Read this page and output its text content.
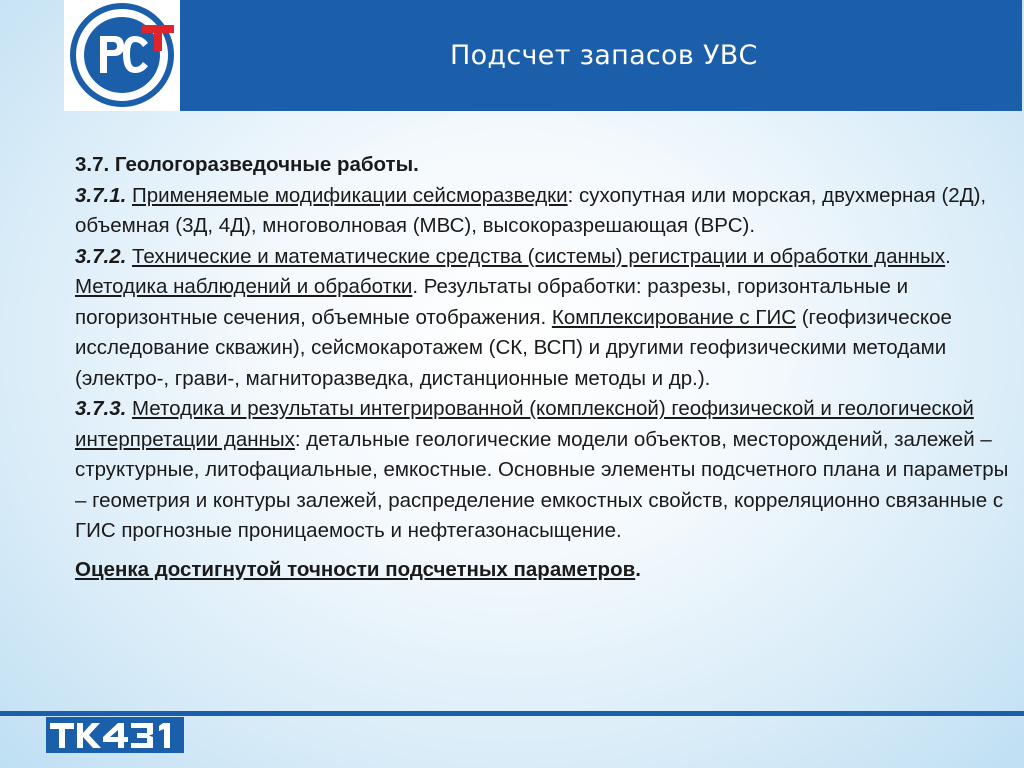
Подсчет запасов УВС

3.7. Геологоразведочные работы.

3.7.1. Применяемые модификации сейсморазведки: сухопутная или морская, двухмерная (2Д), объемная (3Д, 4Д), многоволновая (МВС), высокоразрешающая (ВРС).

3.7.2. Технические и математические средства (системы) регистрации и обработки данных. Методика наблюдений и обработки. Результаты обработки: разрезы, горизонтальные и погоризонтные сечения, объемные отображения. Комплексирование с ГИС (геофизическое исследование скважин), сейсмокаротажем (СК, ВСП) и другими геофизическими методами (электро-, грави-, магниторазведка, дистанционные методы и др.).

3.7.3. Методика и результаты интегрированной (комплексной) геофизической и геологической интерпретации данных: детальные геологические модели объектов, месторождений, залежей – структурные, литофациальные, емкостные. Основные элементы подсчетного плана и параметры – геометрия и контуры залежей, распределение емкостных свойств, корреляционно связанные с ГИС прогнозные проницаемость и нефтегазонасыщение.

Оценка достигнутой точности подсчетных параметров.
